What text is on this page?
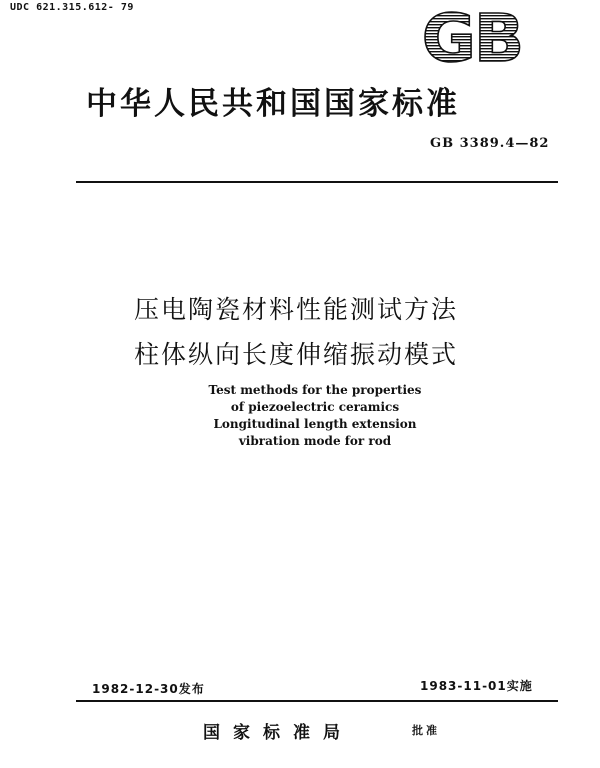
UDC 621.315.612- 79	GB
中华人民共和国国家标准
GB 3389.4—82
压电陶瓷材料性能测试方法
柱体纵向长度伸缩振动模式
Test methods for the properties
of piezoelectric ceramics
Longitudinal length extension
vibration mode for rod
1982-12-30发布	1983-11-01实施
国家标准局	批准
